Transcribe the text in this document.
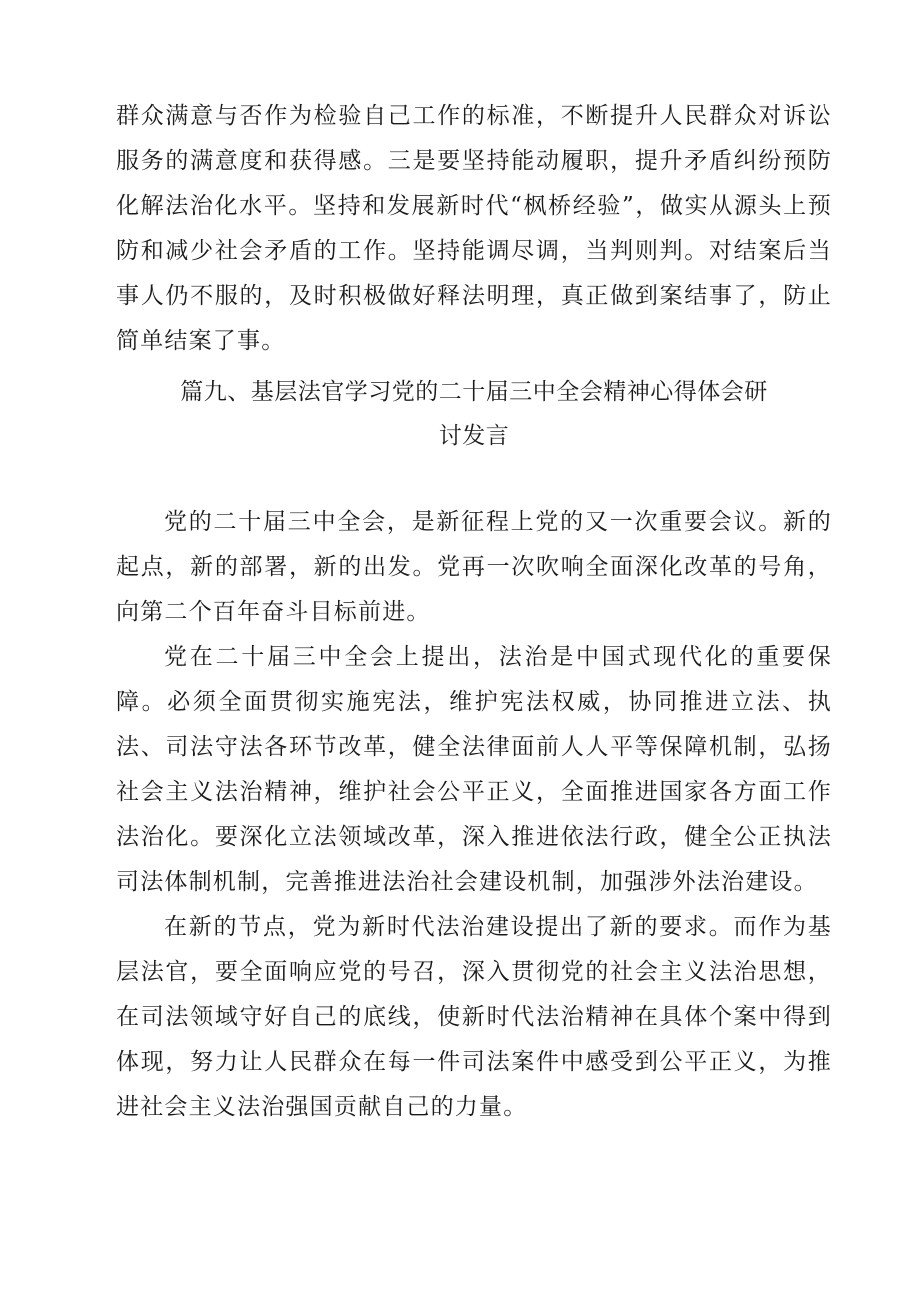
群众满意与否作为检验自己工作的标准，不断提升人民群众对诉讼服务的满意度和获得感。三是要坚持能动履职，提升矛盾纠纷预防化解法治化水平。坚持和发展新时代“枫桥经验”，做实从源头上预防和减少社会矛盾的工作。坚持能调尽调，当判则判。对结案后当事人仍不服的，及时积极做好释法明理，真正做到案结事了，防止简单结案了事。

篇九、基层法官学习党的二十届三中全会精神心得体会研
讨发言

党的二十届三中全会，是新征程上党的又一次重要会议。新的起点，新的部署，新的出发。党再一次吹响全面深化改革的号角，向第二个百年奋斗目标前进。

党在二十届三中全会上提出，法治是中国式现代化的重要保障。必须全面贯彻实施宪法，维护宪法权威，协同推进立法、执法、司法守法各环节改革，健全法律面前人人平等保障机制，弘扬社会主义法治精神，维护社会公平正义，全面推进国家各方面工作法治化。要深化立法领域改革，深入推进依法行政，健全公正执法司法体制机制，完善推进法治社会建设机制，加强涉外法治建设。

在新的节点，党为新时代法治建设提出了新的要求。而作为基层法官，要全面响应党的号召，深入贯彻党的社会主义法治思想，在司法领域守好自己的底线，使新时代法治精神在具体个案中得到体现，努力让人民群众在每一件司法案件中感受到公平正义，为推进社会主义法治强国贡献自己的力量。
